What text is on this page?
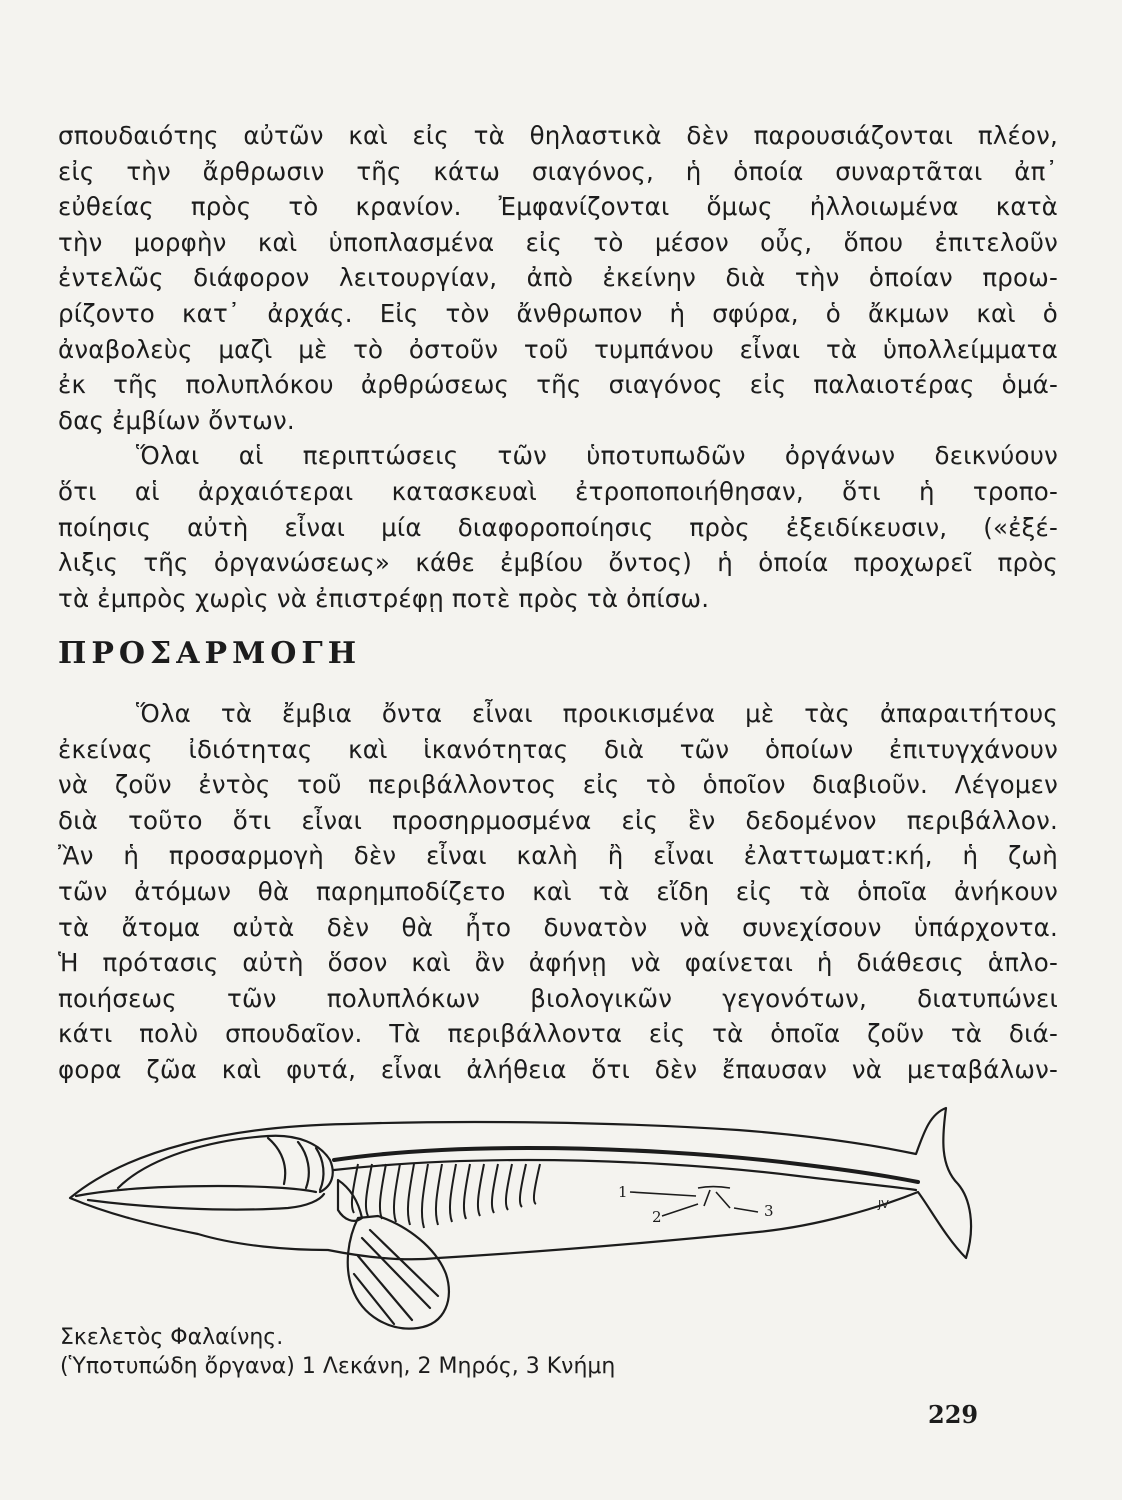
σπουδαιότης αὐτῶν καὶ εἰς τὰ θηλαστικὰ δὲν παρουσιάζονται πλέον,
εἰς τὴν ἄρθρωσιν τῆς κάτω σιαγόνος, ἡ ὁποία συναρτᾶται ἀπ᾽
εὐθείας πρὸς τὸ κρανίον. Ἐμφανίζονται ὅμως ἠλλοιωμένα κατὰ
τὴν μορφὴν καὶ ὑποπλασμένα εἰς τὸ μέσον οὖς, ὅπου ἐπιτελοῦν
ἐντελῶς διάφορον λειτουργίαν, ἀπὸ ἐκείνην διὰ τὴν ὁποίαν προω-
ρίζοντο κατ᾽ ἀρχάς. Εἰς τὸν ἄνθρωπον ἡ σφύρα, ὁ ἄκμων καὶ ὁ
ἀναβολεὺς μαζὶ μὲ τὸ ὀστοῦν τοῦ τυμπάνου εἶναι τὰ ὑπολλείμματα
ἐκ τῆς πολυπλόκου ἀρθρώσεως τῆς σιαγόνος εἰς παλαιοτέρας ὁμά-
δας ἐμβίων ὄντων.
Ὅλαι αἱ περιπτώσεις τῶν ὑποτυπωδῶν ὀργάνων δεικνύουν
ὅτι αἱ ἀρχαιότεραι κατασκευαὶ ἐτροποποιήθησαν, ὅτι ἡ τροπο-
ποίησις αὐτὴ εἶναι μία διαφοροποίησις πρὸς ἐξειδίκευσιν, («ἐξέ-
λιξις τῆς ὀργανώσεως» κάθε ἐμβίου ὄντος) ἡ ὁποία προχωρεῖ πρὸς
τὰ ἐμπρὸς χωρὶς νὰ ἐπιστρέφῃ ποτὲ πρὸς τὰ ὀπίσω.
ΠΡΟΣΑΡΜΟΓΗ
Ὅλα τὰ ἔμβια ὄντα εἶναι προικισμένα μὲ τὰς ἀπαραιτήτους
ἐκείνας ἰδιότητας καὶ ἱκανότητας διὰ τῶν ὁποίων ἐπιτυγχάνουν
νὰ ζοῦν ἐντὸς τοῦ περιβάλλοντος εἰς τὸ ὁποῖον διαβιοῦν. Λέγομεν
διὰ τοῦτο ὅτι εἶναι προσηρμοσμένα εἰς ἓν δεδομένον περιβάλλον.
Ἂν ἡ προσαρμογὴ δὲν εἶναι καλὴ ἢ εἶναι ἐλαττωματ:κή, ἡ ζωὴ
τῶν ἀτόμων θὰ παρημποδίζετο καὶ τὰ εἴδη εἰς τὰ ὁποῖα ἀνήκουν
τὰ ἄτομα αὐτὰ δὲν θὰ ἦτο δυνατὸν νὰ συνεχίσουν ὑπάρχοντα.
Ἡ πρότασις αὐτὴ ὅσον καὶ ἂν ἀφήνῃ νὰ φαίνεται ἡ διάθεσις ἁπλο-
ποιήσεως τῶν πολυπλόκων βιολογικῶν γεγονότων, διατυπώνει
κάτι πολὺ σπουδαῖον. Τὰ περιβάλλοντα εἰς τὰ ὁποῖα ζοῦν τὰ διά-
φορα ζῶα καὶ φυτά, εἶναι ἀλήθεια ὅτι δὲν ἔπαυσαν νὰ μεταβάλων-
1
2	3	JV
Σκελετὸς Φαλαίνης.
(Ὑποτυπώδη ὄργανα) 1 Λεκάνη, 2 Μηρός, 3 Κνήμη
229
